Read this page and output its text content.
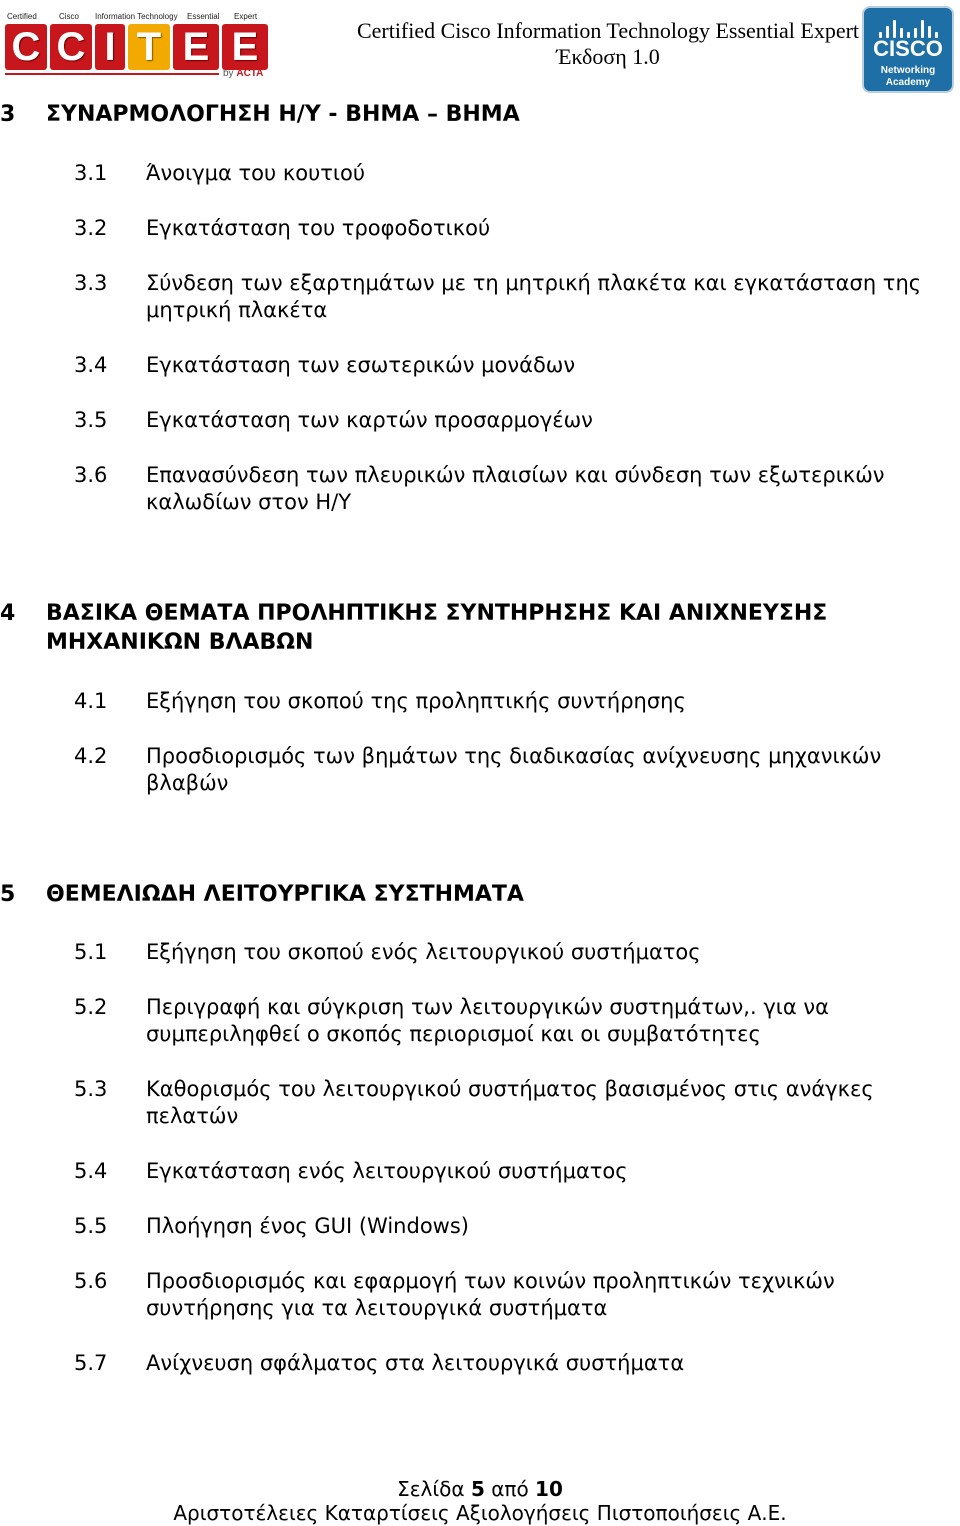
Certified	Cisco Information Technology Essential Expert
C C I T E E
by ACTA
Certified Cisco Information Technology Essential Expert
Έκδοση 1.0	CISCO
Networking
Academy
3 ΣΥΝΑΡΜΟΛΟΓΗΣΗ Η/Υ - ΒΗΜΑ – ΒΗΜΑ
3.1 Άνοιγμα του κουτιού
3.2 Εγκατάσταση του τροφοδοτικού
3.3 Σύνδεση των εξαρτημάτων με τη μητρική πλακέτα και εγκατάσταση της μητρική πλακέτα
3.4 Εγκατάσταση των εσωτερικών μονάδων
3.5 Εγκατάσταση των καρτών προσαρμογέων
3.6 Επανασύνδεση των πλευρικών πλαισίων και σύνδεση των εξωτερικών καλωδίων στον Η/Υ
4 ΒΑΣΙΚΑ ΘΕΜΑΤΑ ΠΡΟΛΗΠΤΙΚΗΣ ΣΥΝΤΗΡΗΣΗΣ ΚΑΙ ΑΝΙΧΝΕΥΣΗΣ ΜΗΧΑΝΙΚΩΝ ΒΛΑΒΩΝ
4.1 Εξήγηση του σκοπού της προληπτικής συντήρησης
4.2 Προσδιορισμός των βημάτων της διαδικασίας ανίχνευσης μηχανικών βλαβών
5 ΘΕΜΕΛΙΩΔΗ ΛΕΙΤΟΥΡΓΙΚΑ ΣΥΣΤΗΜΑΤΑ
5.1 Εξήγηση του σκοπού ενός λειτουργικού συστήματος
5.2 Περιγραφή και σύγκριση των λειτουργικών συστημάτων,. για να συμπεριληφθεί ο σκοπός περιορισμοί και οι συμβατότητες
5.3 Καθορισμός του λειτουργικού συστήματος βασισμένος στις ανάγκες πελατών
5.4 Εγκατάσταση ενός λειτουργικού συστήματος
5.5 Πλοήγηση ένος GUI (Windows)
5.6 Προσδιορισμός και εφαρμογή των κοινών προληπτικών τεχνικών συντήρησης για τα λειτουργικά συστήματα
5.7 Ανίχνευση σφάλματος στα λειτουργικά συστήματα
Σελίδα 5 από 10
Αριστοτέλειες Καταρτίσεις Αξιολογήσεις Πιστοποιήσεις Α.Ε.
